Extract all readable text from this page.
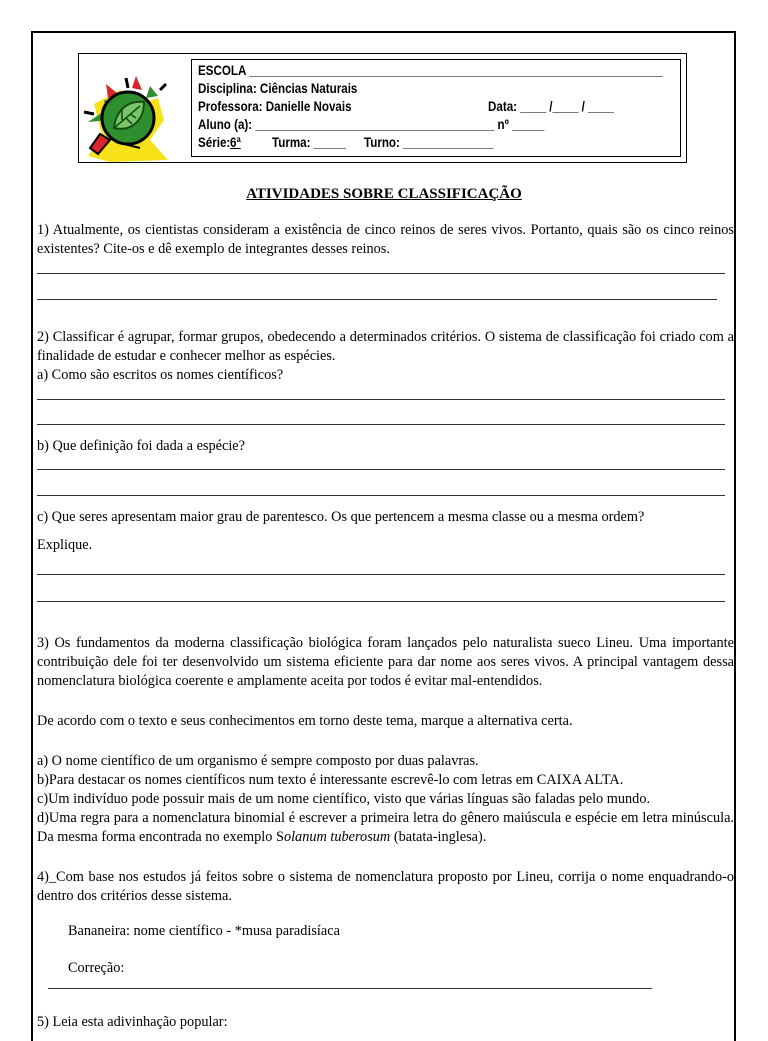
ESCOLA ________________________________________________________________
Disciplina: Ciências Naturais
Professora: Danielle Novais	Data: ____ /____ / ____
Aluno (a): _____________________________________ nº _____
Série: 6ª Turma: _____ Turno: ______________
ATIVIDADES SOBRE CLASSIFICAÇÃO
1) Atualmente, os cientistas consideram a existência de cinco reinos de seres vivos. Portanto, quais são os cinco reinos existentes? Cite-os e dê exemplo de integrantes desses reinos.
2) Classificar é agrupar, formar grupos, obedecendo a determinados critérios. O sistema de classificação foi criado com a finalidade de estudar e conhecer melhor as espécies.
a) Como são escritos os nomes científicos?
b) Que definição foi dada a espécie?
c) Que seres apresentam maior grau de parentesco. Os que pertencem a mesma classe ou a mesma ordem?
Explique.
3) Os fundamentos da moderna classificação biológica foram lançados pelo naturalista sueco Lineu. Uma importante contribuição dele foi ter desenvolvido um sistema eficiente para dar nome aos seres vivos. A principal vantagem dessa nomenclatura biológica coerente e amplamente aceita por todos é evitar mal-entendidos.
De acordo com o texto e seus conhecimentos em torno deste tema, marque a alternativa certa.
a) O nome científico de um organismo é sempre composto por duas palavras.
b)Para destacar os nomes científicos num texto é interessante escrevê-lo com letras em CAIXA ALTA.
c)Um indivíduo pode possuir mais de um nome científico, visto que várias línguas são faladas pelo mundo.
d)Uma regra para a nomenclatura binomial é escrever a primeira letra do gênero maiúscula e espécie em letra minúscula. Da mesma forma encontrada no exemplo Solanum tuberosum (batata-inglesa).
4)_Com base nos estudos já feitos sobre o sistema de nomenclatura proposto por Lineu, corrija o nome enquadrando-o dentro dos critérios desse sistema.
Bananeira: nome científico - *musa paradisíaca
Correção:
5) Leia esta adivinhação popular:
